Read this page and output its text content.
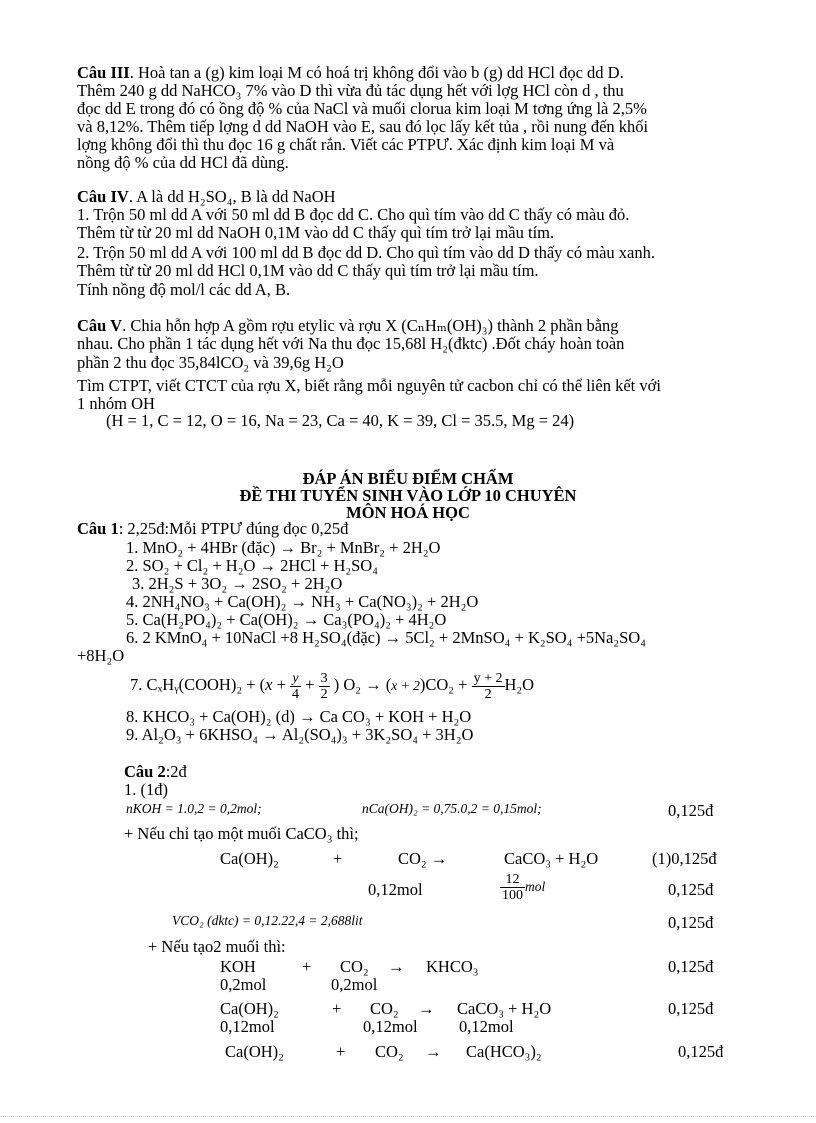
Câu III. Hoà tan a (g) kim loại M có hoá trị không đổi vào b (g) dd HCl đọc dd D.
Thêm 240 g dd NaHCO₃ 7% vào D thì vừa đủ tác dụng hết với lợg HCl còn d , thu
đọc dd E trong đó có ồng độ % của NaCl và muối clorua kim loại M tơng ứng là 2,5%
và 8,12%. Thêm tiếp lợng d dd NaOH vào E, sau đó lọc lấy kết tủa , rồi nung đến khối
lợng không đổi thì thu đọc 16 g chất rắn. Viết các PTPƯ. Xác định kim loại M và
nồng độ % của dd HCl đã dùng.
Câu IV. A là dd H₂SO₄, B là dd NaOH
1. Trộn 50 ml dd A với 50 ml dd B đọc dd C. Cho quì tím vào dd C thấy có màu đỏ.
Thêm từ từ 20 ml dd NaOH 0,1M vào dd C thấy quì tím trở lại mầu tím.
2. Trộn 50 ml dd A với 100 ml dd B đọc dd D. Cho quì tím vào dd D thấy có màu xanh.
Thêm từ từ 20 ml dd HCl 0,1M vào dd C thấy quì tím trở lại mầu tím.
Tính nồng độ mol/l các dd A, B.
Câu V. Chia hỗn hợp A gồm rợu etylic và rợu X (CₙHₘ(OH)₃) thành 2 phần bằng
nhau. Cho phần 1 tác dụng hết với Na thu đọc 15,68l H₂(đktc) .Đốt cháy hoàn toàn
phần 2 thu đọc 35,84lCO₂ và 39,6g H₂O
Tìm CTPT, viết CTCT của rợu X, biết rằng mỗi nguyên tử cacbon chỉ có thể liên kết với
1 nhóm OH
(H = 1, C = 12, O = 16, Na = 23, Ca = 40, K = 39, Cl = 35.5, Mg = 24)
ĐÁP ÁN BIỂU ĐIỂM CHẤM
ĐỀ THI TUYỂN SINH VÀO LỚP 10 CHUYÊN
MÔN HOÁ HỌC
Câu 1: 2,25đ:Mỗi PTPƯ đúng đọc 0,25đ
1. MnO₂ + 4HBr (đặc) → Br₂ + MnBr₂ + 2H₂O
2. SO₂ + Cl₂ + H₂O → 2HCl + H₂SO₄
3. 2H₂S + 3O₂ → 2SO₂ + 2H₂O
4. 2NH₄NO₃ + Ca(OH)₂ → NH₃ + Ca(NO₃)₂ + 2H₂O
5. Ca(H₂PO₄)₂ + Ca(OH)₂ → Ca₃(PO₄)₂ + 4H₂O
6. 2 KMnO₄ + 10NaCl +8 H₂SO₄(đặc) → 5Cl₂ + 2MnSO₄ + K₂SO₄ +5Na₂SO₄
+8H₂O
7. CₓHᵧ(COOH)₂ + ($x + \frac{y}{4} + \frac{3}{2}$ ) $O_2 \to (x + 2)CO_2 + \frac{y + 2}{2} H_2O$
8. KHCO₃ + Ca(OH)₂ (d) → Ca CO₃ + KOH + H₂O
9. Al₂O₃ + 6KHSO₄ → Al₂(SO₄)₃ + 3K₂SO₄ + 3H₂O
Câu 2:2đ
1. (1đ)
nKOH = 1.0,2 = 0,2mol;	nCa(OH)₂ = 0,75.0,2 = 0,15mol;	0,125đ
+ Nếu chỉ tạo một muối CaCO₃ thì;
Ca(OH)₂	+	CO₂ →	CaCO₃ + H₂O	(1)0,125đ
0,12mol	$\frac{12}{100}$ mol	0,125đ
VCO₂ (dktc) = 0,12.22,4 = 2,688lit	0,125đ
+ Nếu tạo2 muối thì:
KOH	+ CO₂ → KHCO₃	0,125đ
0,2mol	0,2mol
Ca(OH)₂	+ CO₂ → CaCO₃ + H₂O	0,125đ
0,12mol	0,12mol	0,12mol
Ca(OH)₂	+ CO₂ → Ca(HCO₃)₂	0,125đ
